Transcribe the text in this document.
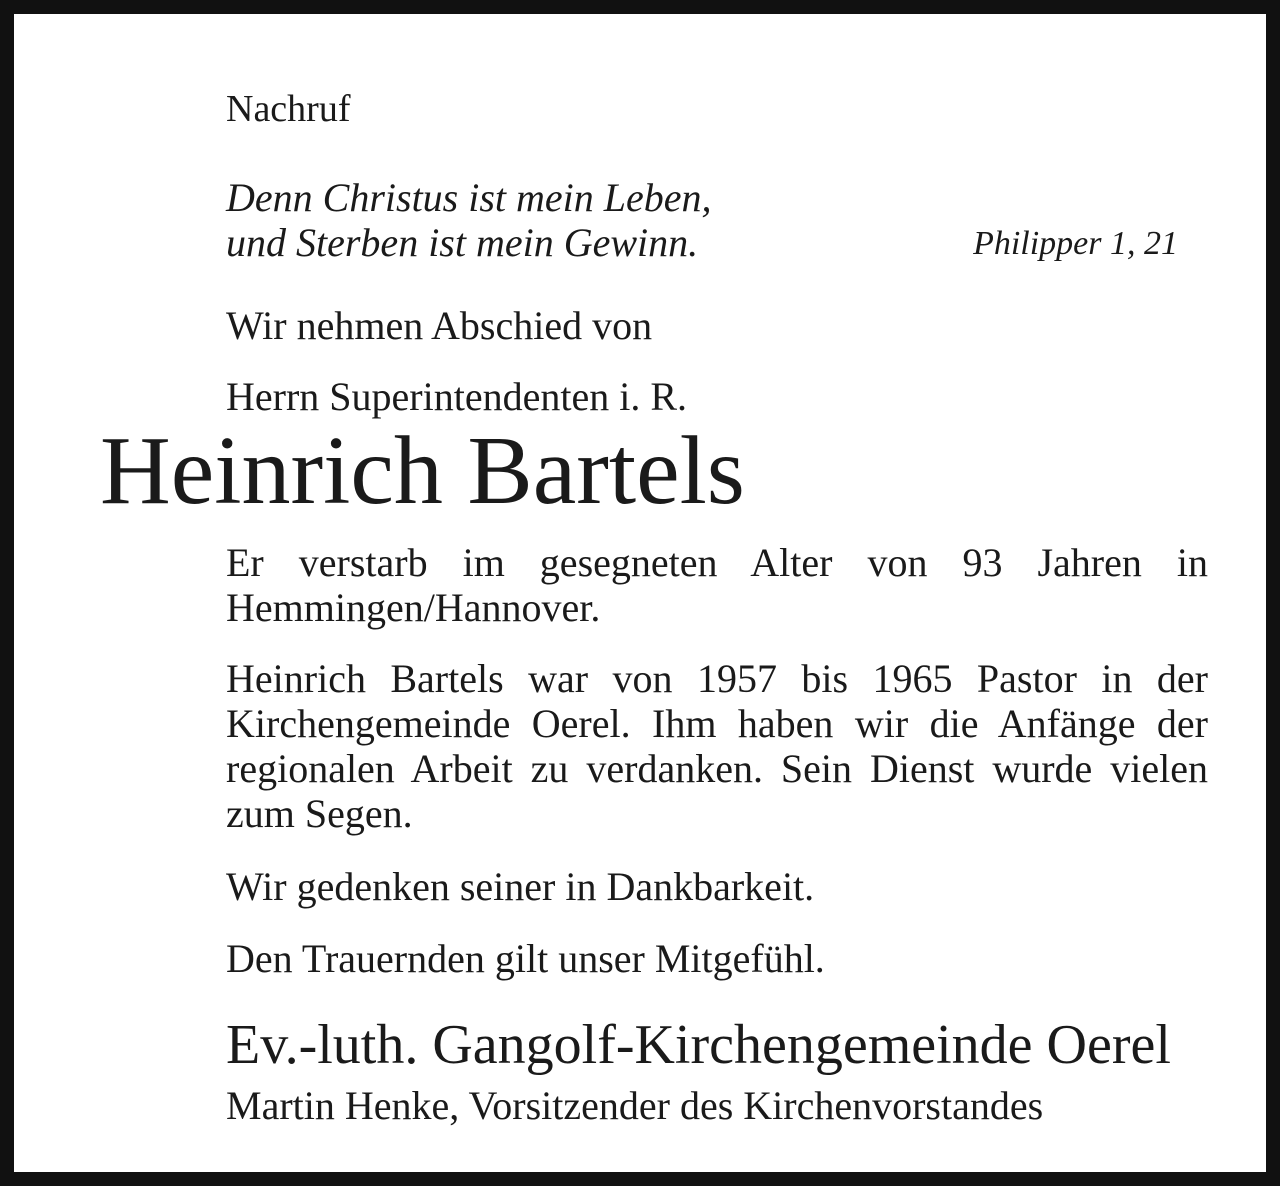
Nachruf
Denn Christus ist mein Leben,
und Sterben ist mein Gewinn.	Philipper 1, 21
Wir nehmen Abschied von
Herrn Superintendenten i. R.
Heinrich Bartels
Er verstarb im gesegneten Alter von 93 Jahren in Hemmingen/Hannover.
Heinrich Bartels war von 1957 bis 1965 Pastor in der Kirchengemeinde Oerel. Ihm haben wir die Anfänge der regionalen Arbeit zu verdanken. Sein Dienst wurde vielen zum Segen.
Wir gedenken seiner in Dankbarkeit.
Den Trauernden gilt unser Mitgefühl.
Ev.-luth. Gangolf-Kirchengemeinde Oerel
Martin Henke, Vorsitzender des Kirchenvorstandes
